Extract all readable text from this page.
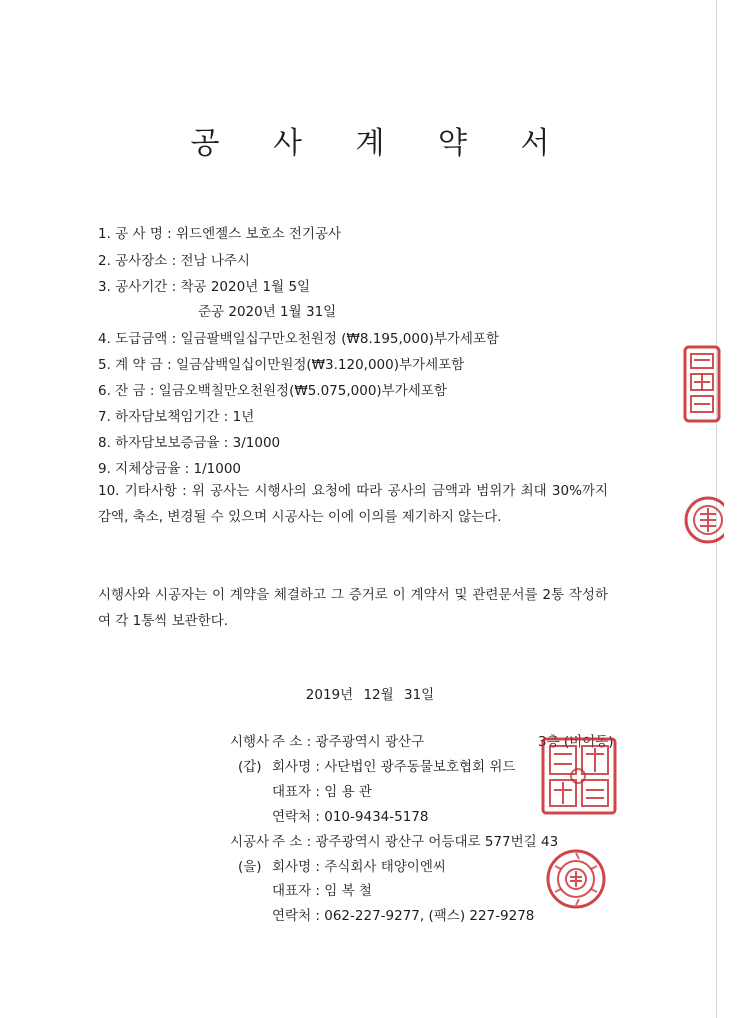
공 사 계 약 서
1. 공 사 명 : 위드엔젤스 보호소 전기공사
2. 공사장소 : 전남 나주시
3. 공사기간 : 착공 2020년 1월 5일
준공 2020년 1월 31일
4. 도급금액 : 일금팔백일십구만오천원정 (₩8.195,000)부가세포함
5. 계 약 금 : 일금삼백일십이만원정(₩3.120,000)부가세포함
6. 잔 금 : 일금오백칠만오천원정(₩5.075,000)부가세포함
7. 하자담보책임기간 : 1년
8. 하자담보보증금율 : 3/1000
9. 지체상금율 : 1/1000
10. 기타사항 : 위 공사는 시행사의 요청에 따라 공사의 금액과 범위가 최대 30%까지 감액, 축소, 변경될 수 있으며 시공사는 이에 이의를 제기하지 않는다.
시행사와 시공자는 이 계약을 체결하고 그 증거로 이 계약서 및 관련문서를 2통 작성하여 각 1통씩 보관한다.
2019년 12월 31일
시행사 주 소 : 광주광역시 광산구	3층 (비이동)
(갑) 회사명 : 사단법인 광주동물보호협회 위드
대표자 : 임 용 관
연락처 : 010-9434-5178
시공사 주 소 : 광주광역시 광산구 어등대로 577번길 43
(을) 회사명 : 주식회사 태양이엔씨
대표자 : 임 복 철
연락처 : 062-227-9277, (팩스) 227-9278
